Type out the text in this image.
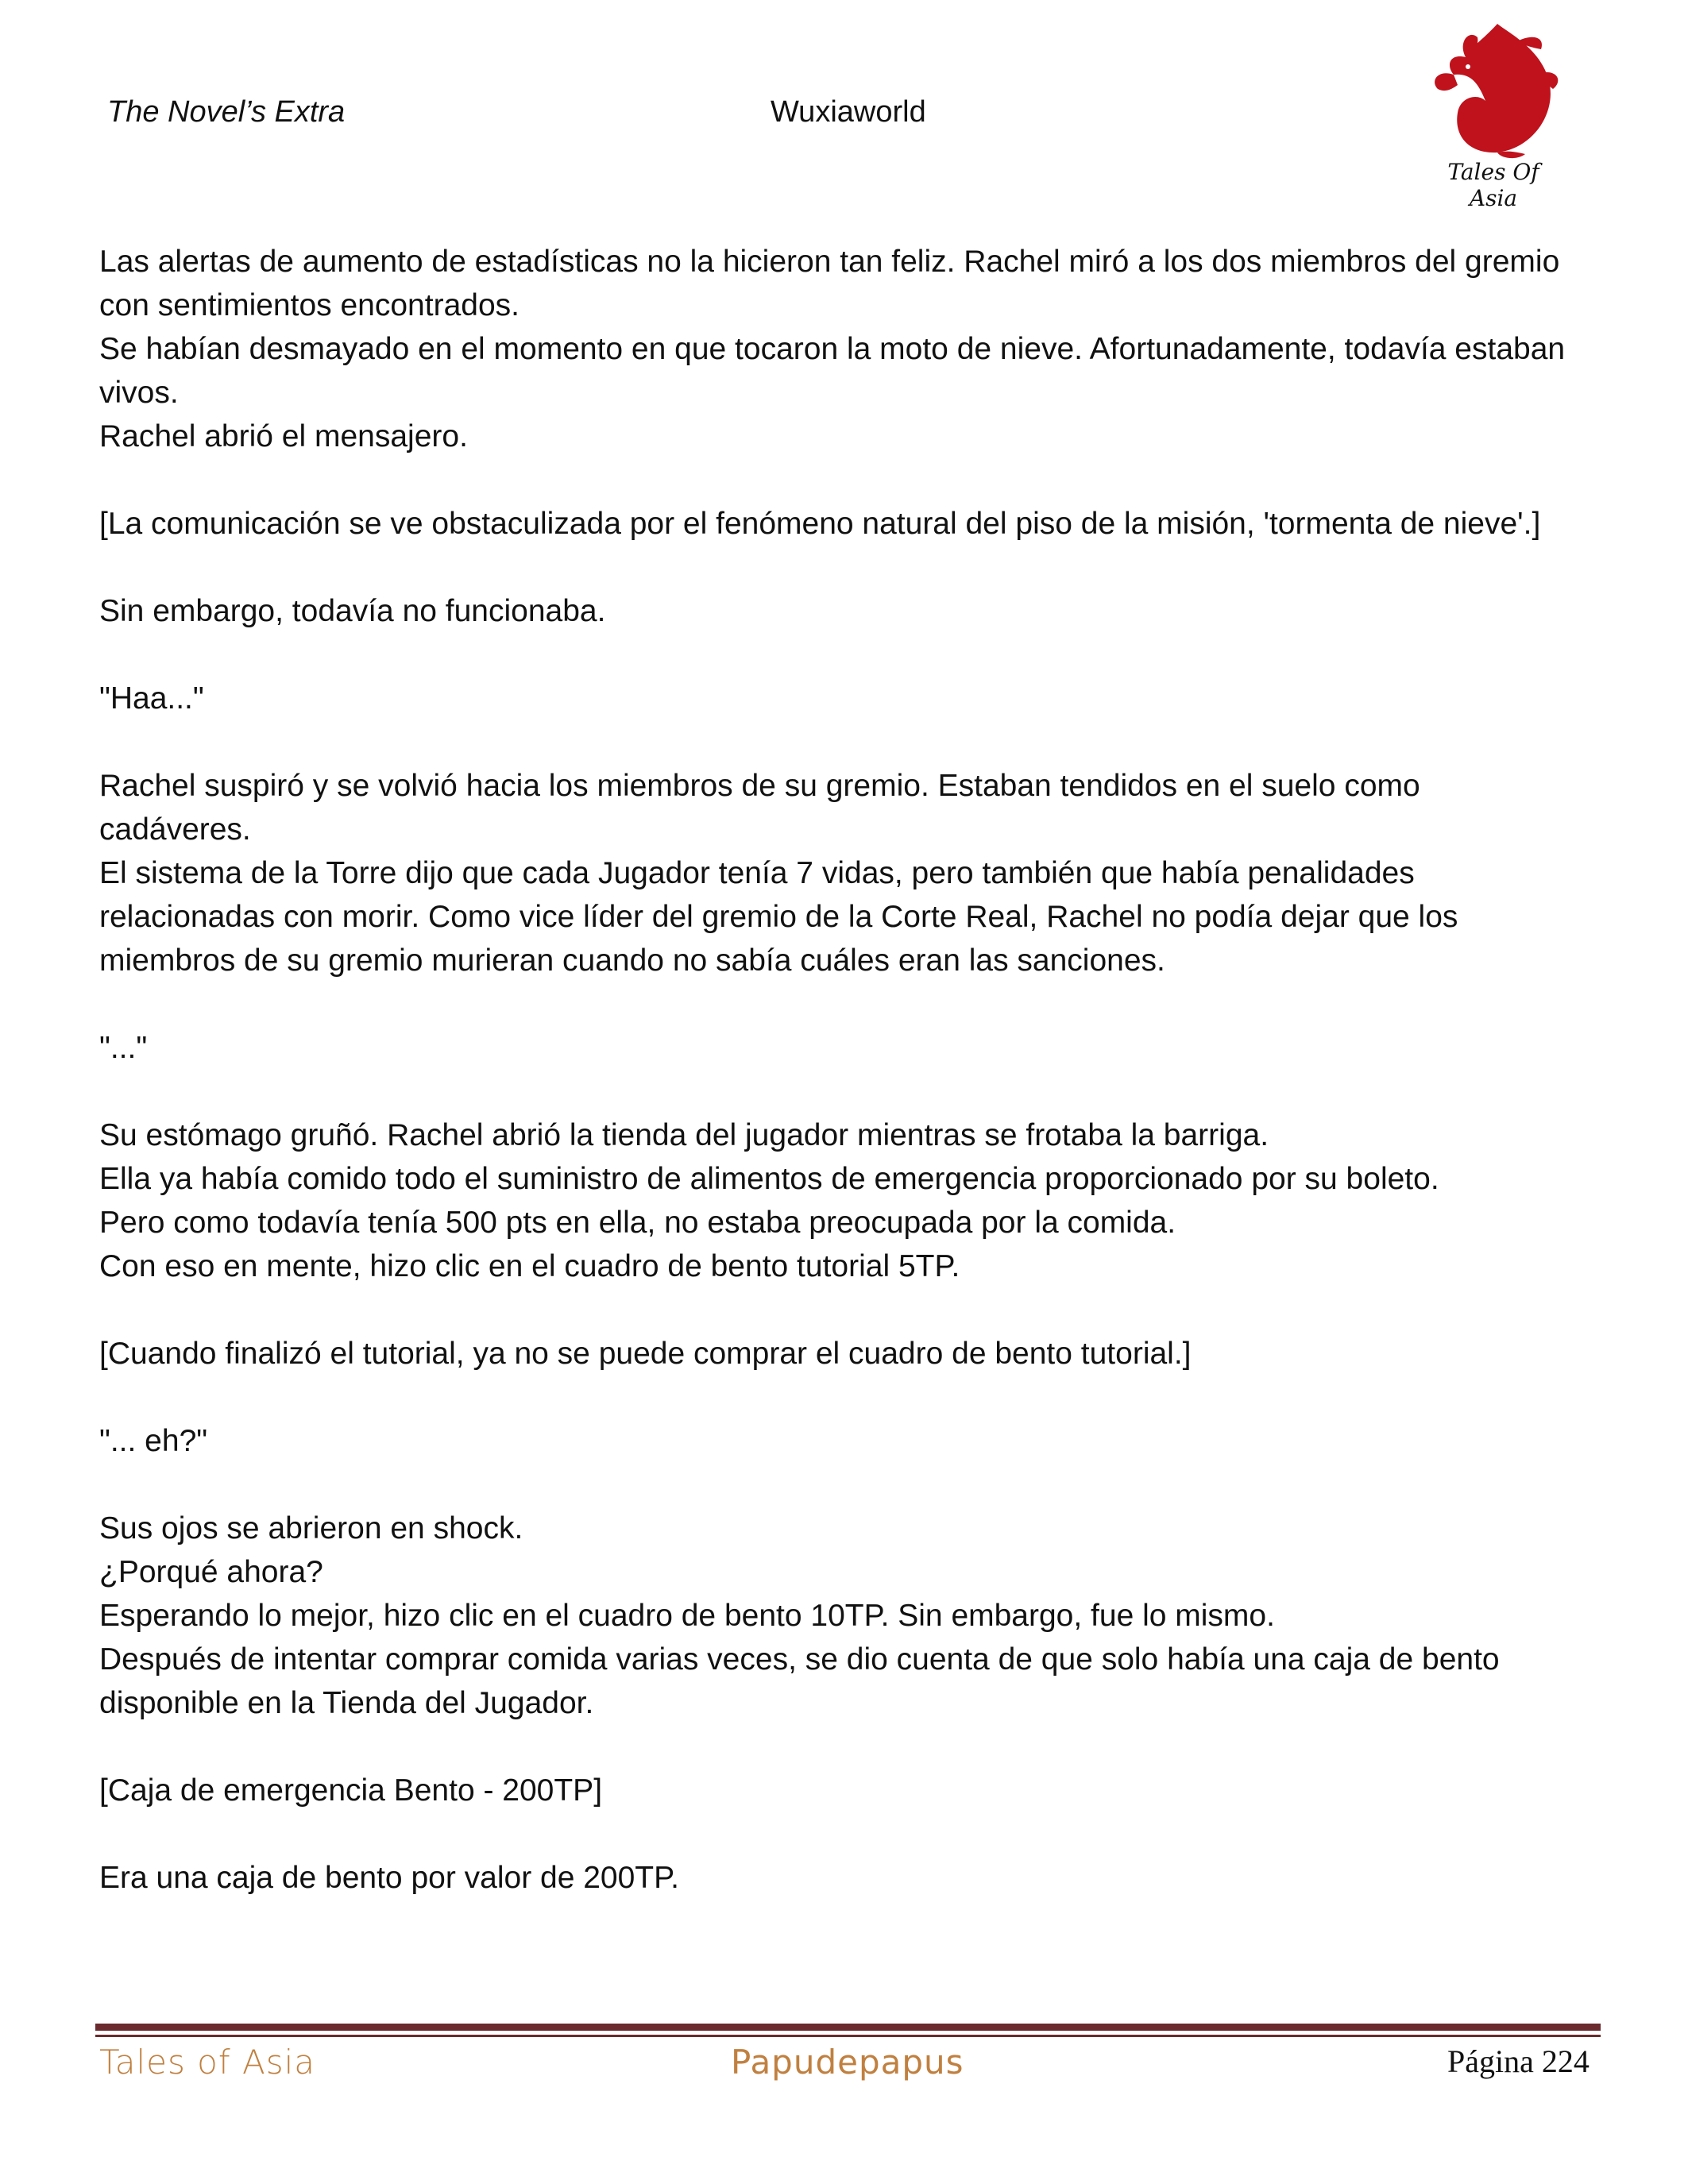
The Novel’s Extra	Wuxiaworld
Tales Of Asia

Las alertas de aumento de estadísticas no la hicieron tan feliz. Rachel miró a los dos miembros del gremio con sentimientos encontrados.

Se habían desmayado en el momento en que tocaron la moto de nieve. Afortunadamente, todavía estaban vivos.

Rachel abrió el mensajero.

[La comunicación se ve obstaculizada por el fenómeno natural del piso de la misión, 'tormenta de nieve'.]

Sin embargo, todavía no funcionaba.

"Haa..."

Rachel suspiró y se volvió hacia los miembros de su gremio. Estaban tendidos en el suelo como cadáveres.

El sistema de la Torre dijo que cada Jugador tenía 7 vidas, pero también que había penalidades relacionadas con morir. Como vice líder del gremio de la Corte Real, Rachel no podía dejar que los miembros de su gremio murieran cuando no sabía cuáles eran las sanciones.

"..."

Su estómago gruñó. Rachel abrió la tienda del jugador mientras se frotaba la barriga.

Ella ya había comido todo el suministro de alimentos de emergencia proporcionado por su boleto.

Pero como todavía tenía 500 pts en ella, no estaba preocupada por la comida.

Con eso en mente, hizo clic en el cuadro de bento tutorial 5TP.

[Cuando finalizó el tutorial, ya no se puede comprar el cuadro de bento tutorial.]

"... eh?"

Sus ojos se abrieron en shock.

¿Porqué ahora?

Esperando lo mejor, hizo clic en el cuadro de bento 10TP. Sin embargo, fue lo mismo.

Después de intentar comprar comida varias veces, se dio cuenta de que solo había una caja de bento disponible en la Tienda del Jugador.

[Caja de emergencia Bento - 200TP]

Era una caja de bento por valor de 200TP.

Tales of Asia	Papudepapus	Página 224
